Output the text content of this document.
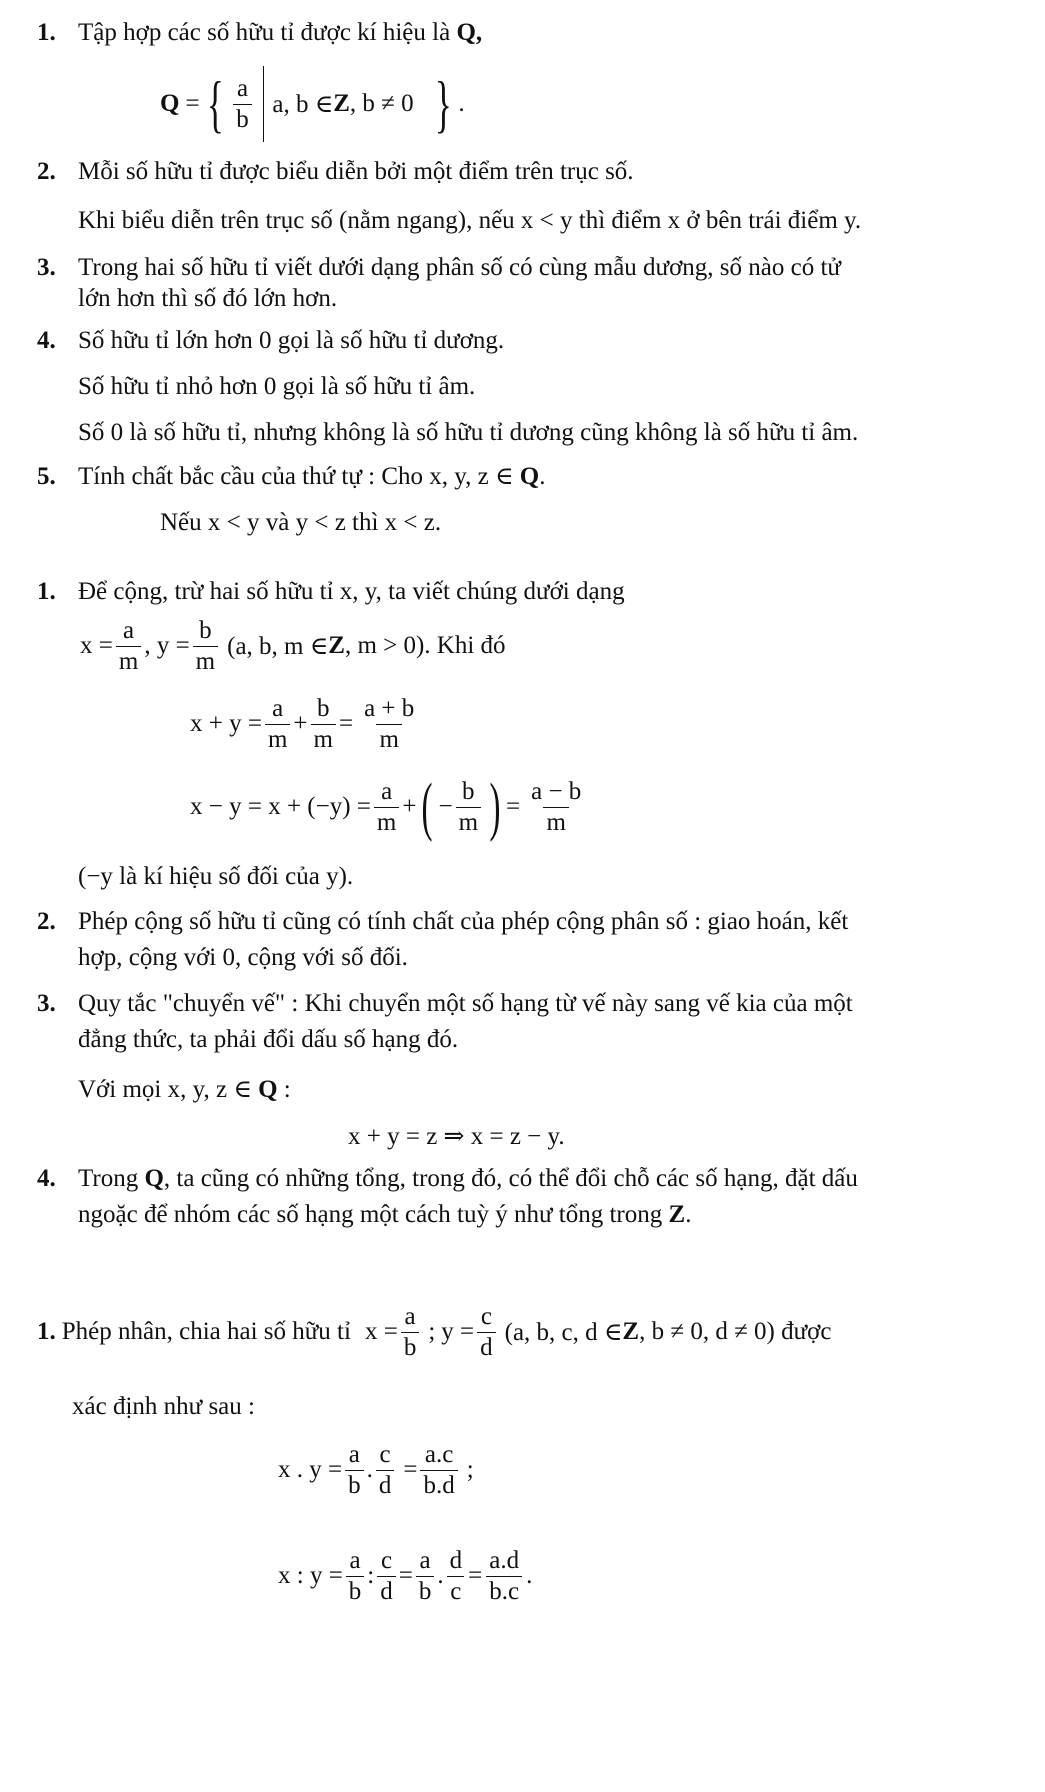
1. Tập hợp các số hữu tỉ được kí hiệu là Q,
Q = { $\frac{a}{b} a$, b ∈ Z , b ≠ 0 } .
2. Mỗi số hữu tỉ được biểu diễn bởi một điểm trên trục số.
Khi biểu diễn trên trục số (nằm ngang), nếu x < y thì điểm x ở bên trái điểm y.
3. Trong hai số hữu tỉ viết dưới dạng phân số có cùng mẫu dương, số nào có tử
lớn hơn thì số đó lớn hơn.
4. Số hữu tỉ lớn hơn 0 gọi là số hữu tỉ dương.
Số hữu tỉ nhỏ hơn 0 gọi là số hữu tỉ âm.
Số 0 là số hữu tỉ, nhưng không là số hữu tỉ dương cũng không là số hữu tỉ âm.
5. Tính chất bắc cầu của thứ tự : Cho x, y, z ∈ Q.
Nếu x < y và y < z thì x < z.
1. Để cộng, trừ hai số hữu tỉ x, y, ta viết chúng dưới dạng
$x = \frac{a}{m}$ , $y = \frac{b}{m} (a$, b, m ∈ Z , m > 0). Khi đó
$x + y = \frac{a}{m} + \frac{b}{m} = \frac{a + b}{m}$
$x - y = x + (-y) = \frac{a}{m}$ + ( − $\frac{b}{m}$ ) = $\frac{a - b}{m}$
(−y là kí hiệu số đối của y).
2. Phép cộng số hữu tỉ cũng có tính chất của phép cộng phân số : giao hoán, kết
hợp, cộng với 0, cộng với số đối.
3. Quy tắc "chuyển vế" : Khi chuyển một số hạng từ vế này sang vế kia của một
đẳng thức, ta phải đổi dấu số hạng đó.
Với mọi x, y, z ∈ Q :
x + y = z ⇒ x = z − y.
4. Trong Q, ta cũng có những tổng, trong đó, có thể đổi chỗ các số hạng, đặt dấu
ngoặc để nhóm các số hạng một cách tuỳ ý như tổng trong Z.
1. Phép nhân, chia hai số hữu tỉ $x = \frac{a}{b}$ ; $y = \frac{c}{d} (a$, b, c, d ∈ Z , b ≠ 0, d ≠ 0) được
xác định như sau :
x . $y = \frac{a}{b}$ . $\frac{c}{d} = \frac{a.c}{b.d}$ ;
x : $y = \frac{a}{b}$ : $\frac{c}{d} = \frac{a}{b}$ . $\frac{d}{c} = \frac{a.d}{b.c}$ .
